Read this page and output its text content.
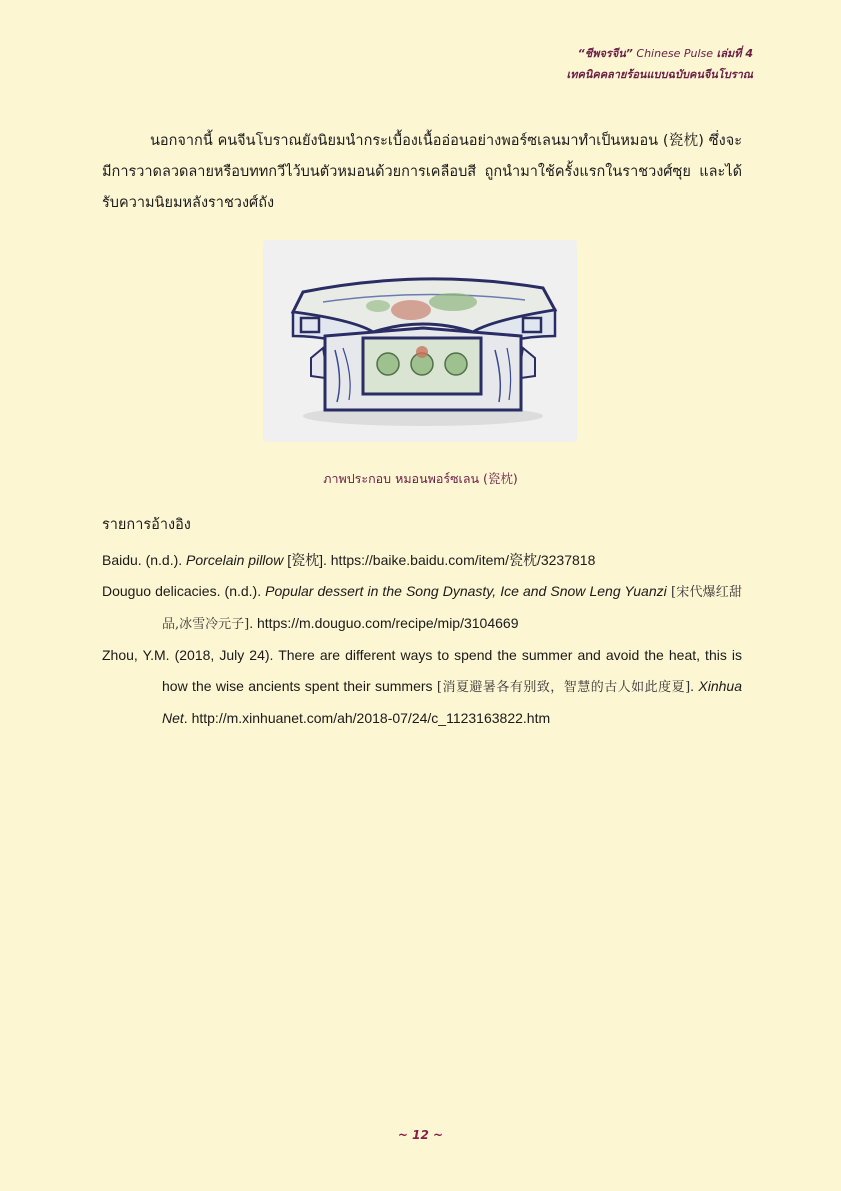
“ชีพจรจีน” Chinese Pulse เล่มที่ 4
เทคนิคคลายร้อนแบบฉบับคนจีนโบราณ
นอกจากนี้ คนจีนโบราณยังนิยมนำกระเบื้องเนื้ออ่อนอย่างพอร์ซเลนมาทำเป็นหมอน (瓷枕) ซึ่งจะมีการวาดลวดลายหรือบททกวีไว้บนตัวหมอนด้วยการเคลือบสี ถูกนำมาใช้ครั้งแรกในราชวงศ์ซุย และได้รับความนิยมหลังราชวงศ์ถัง
ภาพประกอบ หมอนพอร์ซเลน (瓷枕)
รายการอ้างอิง

Baidu. (n.d.). Porcelain pillow [瓷枕]. https://baike.baidu.com/item/瓷枕/3237818

Douguo delicacies. (n.d.). Popular dessert in the Song Dynasty, Ice and Snow Leng Yuanzi [宋代爆红甜品,冰雪冷元子]. https://m.douguo.com/recipe/mip/3104669

Zhou, Y.M. (2018, July 24). There are different ways to spend the summer and avoid the heat, this is how the wise ancients spent their summers [消夏避暑各有别致，智慧的古人如此度夏]. Xinhua Net. http://m.xinhuanet.com/ah/2018-07/24/c_1123163822.htm

~ 12 ~
